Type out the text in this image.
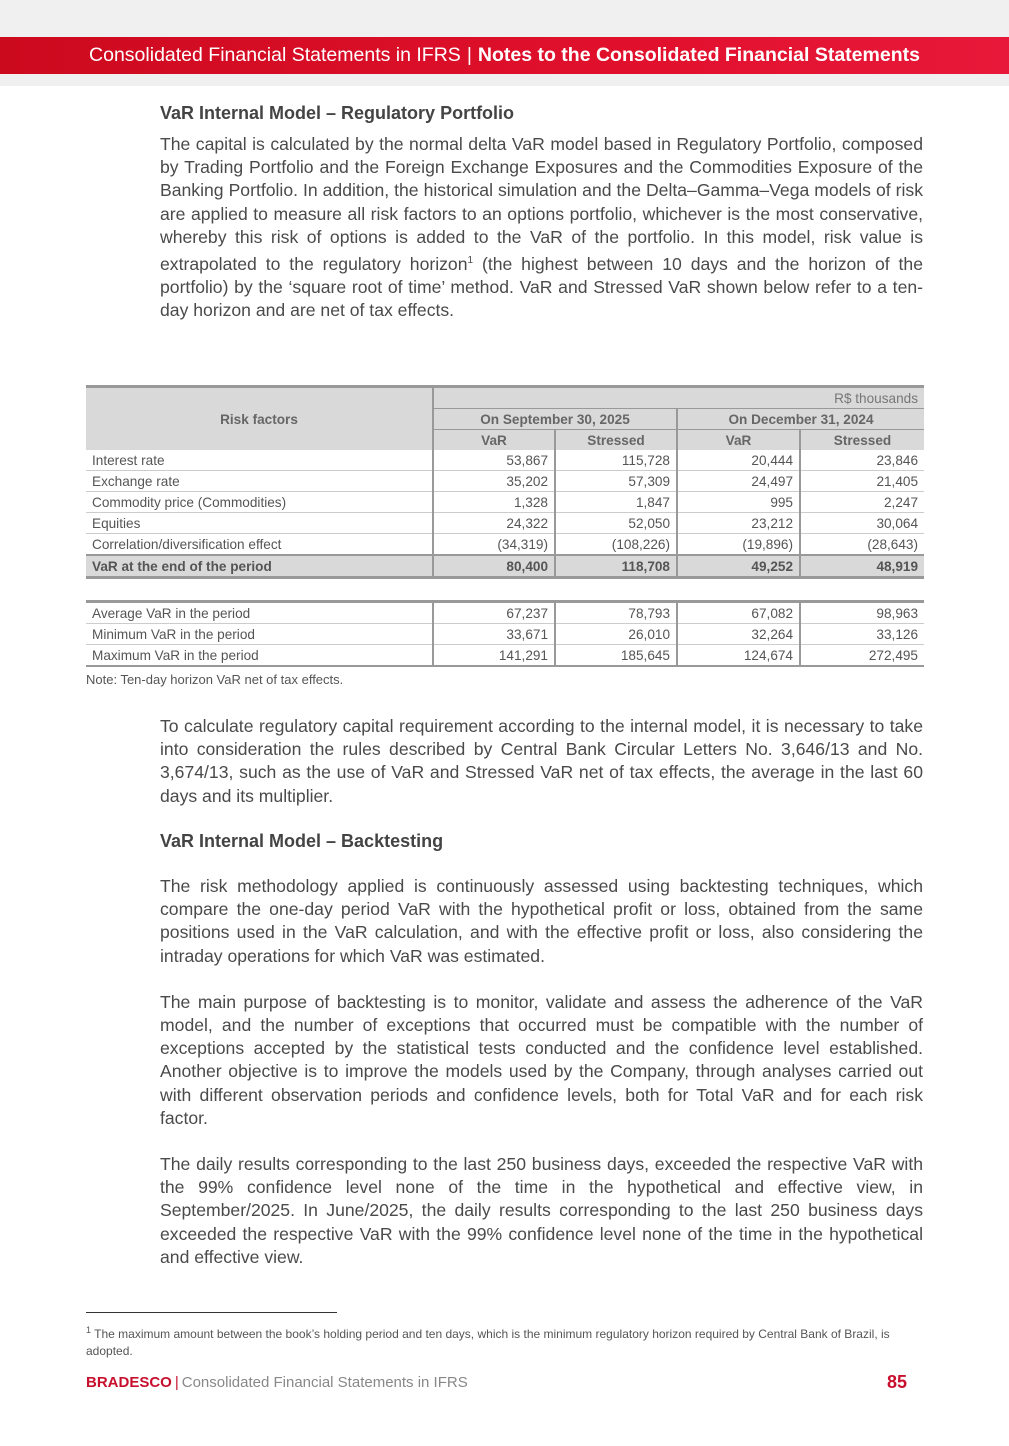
Consolidated Financial Statements in IFRS | Notes to the Consolidated Financial Statements
VaR Internal Model – Regulatory Portfolio

The capital is calculated by the normal delta VaR model based in Regulatory Portfolio, composed by Trading Portfolio and the Foreign Exchange Exposures and the Commodities Exposure of the Banking Portfolio. In addition, the historical simulation and the Delta–Gamma–Vega models of risk are applied to measure all risk factors to an options portfolio, whichever is the most conservative, whereby this risk of options is added to the VaR of the portfolio. In this model, risk value is extrapolated to the regulatory horizon$^1$ (the highest between 10 days and the horizon of the portfolio) by the ‘square root of time’ method. VaR and Stressed VaR shown below refer to a ten-day horizon and are net of tax effects.

Risk factors	R$ thousands			
	On September 30, 2025		On December 31, 2024	
	VaR	Stressed	VaR	Stressed
Interest rate	53,867	115,728	20,444	23,846
Exchange rate	35,202	57,309	24,497	21,405
Commodity price (Commodities)	1,328	1,847	995	2,247
Equities	24,322	52,050	23,212	30,064
Correlation/diversification effect	(34,319)	(108,226)	(19,896)	(28,643)
VaR at the end of the period	80,400	118,708	49,252	48,919
Average VaR in the period	67,237	78,793	67,082	98,963
Minimum VaR in the period	33,671	26,010	32,264	33,126
Maximum VaR in the period	141,291	185,645	124,674	272,495
Note: Ten-day horizon VaR net of tax effects.

To calculate regulatory capital requirement according to the internal model, it is necessary to take into consideration the rules described by Central Bank Circular Letters No. 3,646/13 and No. 3,674/13, such as the use of VaR and Stressed VaR net of tax effects, the average in the last 60 days and its multiplier.

VaR Internal Model – Backtesting

The risk methodology applied is continuously assessed using backtesting techniques, which compare the one-day period VaR with the hypothetical profit or loss, obtained from the same positions used in the VaR calculation, and with the effective profit or loss, also considering the intraday operations for which VaR was estimated.

The main purpose of backtesting is to monitor, validate and assess the adherence of the VaR model, and the number of exceptions that occurred must be compatible with the number of exceptions accepted by the statistical tests conducted and the confidence level established. Another objective is to improve the models used by the Company, through analyses carried out with different observation periods and confidence levels, both for Total VaR and for each risk factor.

The daily results corresponding to the last 250 business days, exceeded the respective VaR with the 99% confidence level none of the time in the hypothetical and effective view, in September/2025. In June/2025, the daily results corresponding to the last 250 business days exceeded the respective VaR with the 99% confidence level none of the time in the hypothetical and effective view.

$^1$ The maximum amount between the book’s holding period and ten days, which is the minimum regulatory horizon required by Central Bank of Brazil, is adopted.
BRADESCO | Consolidated Financial Statements in IFRS	85
